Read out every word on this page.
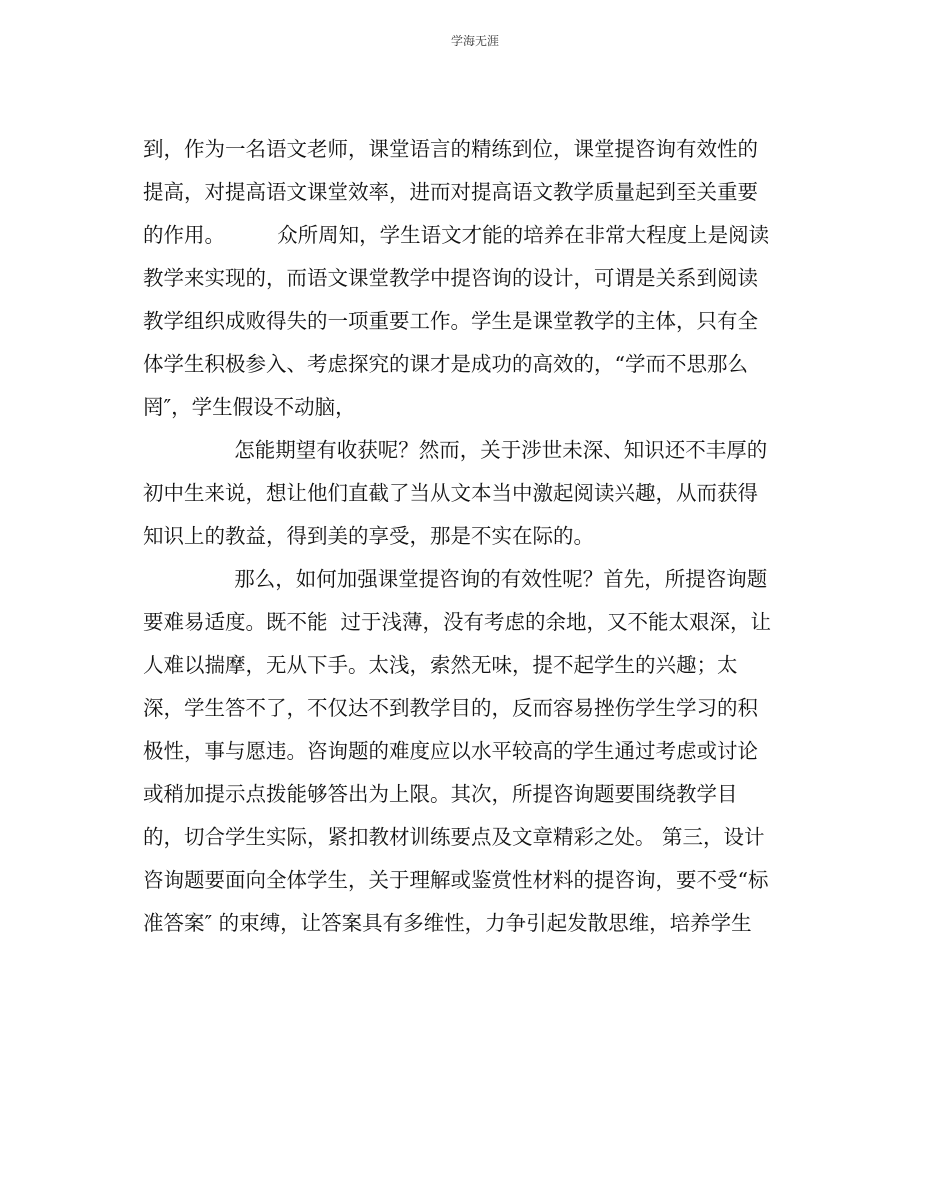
学海无涯
到，作为一名语文老师，课堂语言的精练到位，课堂提咨询有效性的
提高，对提高语文课堂效率，进而对提高语文教学质量起到至关重要
的作用。        众所周知，学生语文才能的培养在非常大程度上是阅读
教学来实现的，而语文课堂教学中提咨询的设计，可谓是关系到阅读
教学组织成败得失的一项重要工作。学生是课堂教学的主体，只有全
体学生积极参入、考虑探究的课才是成功的高效的，“学而不思那么
罔″，学生假设不动脑，
怎能期望有收获呢？然而，关于涉世未深、知识还不丰厚的
初中生来说，想让他们直截了当从文本当中激起阅读兴趣，从而获得
知识上的教益，得到美的享受，那是不实在际的。
那么，如何加强课堂提咨询的有效性呢？首先，所提咨询题
要难易适度。既不能  过于浅薄，没有考虑的余地，又不能太艰深，让
人难以揣摩，无从下手。太浅，索然无味，提不起学生的兴趣；太
深，学生答不了，不仅达不到教学目的，反而容易挫伤学生学习的积
极性，事与愿违。咨询题的难度应以水平较高的学生通过考虑或讨论
或稍加提示点拨能够答出为上限。其次，所提咨询题要围绕教学目
的，切合学生实际，紧扣教材训练要点及文章精彩之处。 第三，设计
咨询题要面向全体学生，关于理解或鉴赏性材料的提咨询，要不受“标
准答案″ 的束缚，让答案具有多维性，力争引起发散思维，培养学生
